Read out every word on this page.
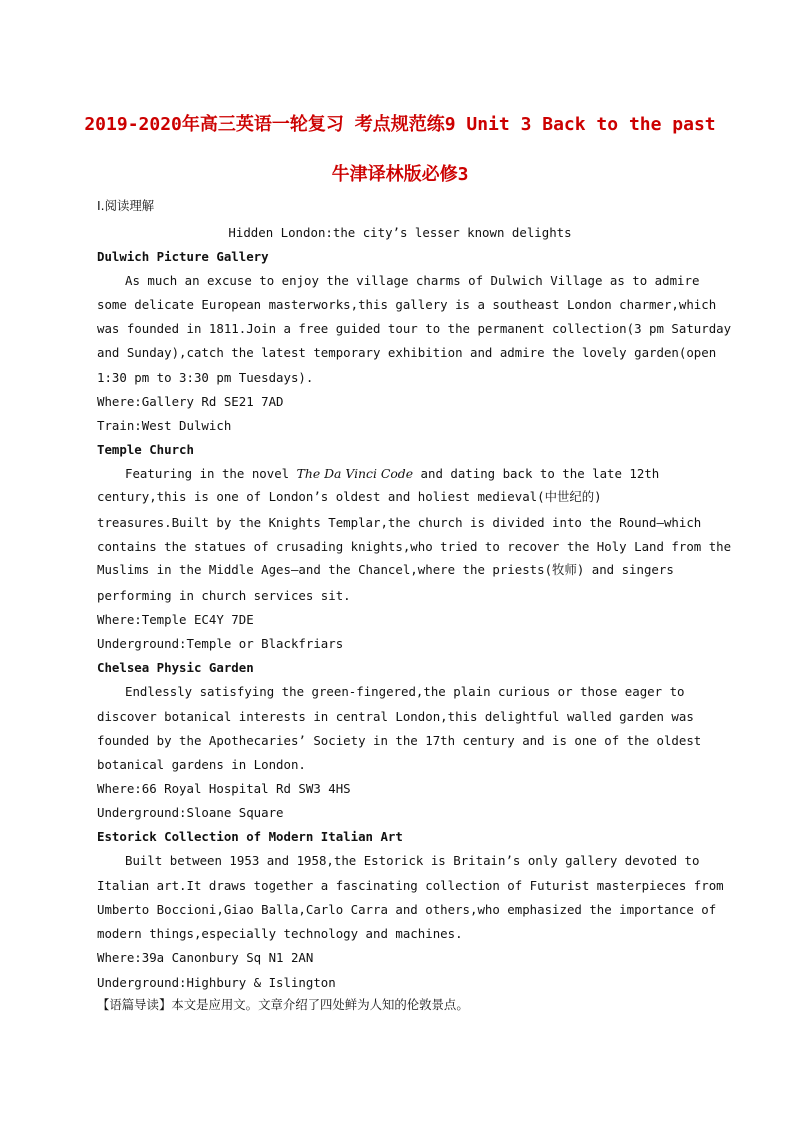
2019-2020年高三英语一轮复习 考点规范练9 Unit 3 Back to the past
牛津译林版必修3
Ⅰ.阅读理解
Hidden London:the city’s lesser known delights
Dulwich Picture Gallery
As much an excuse to enjoy the village charms of Dulwich Village as to admire
some delicate European masterworks,this gallery is a southeast London charmer,which
was founded in 1811.Join a free guided tour to the permanent collection(3 pm Saturday
and Sunday),catch the latest temporary exhibition and admire the lovely garden(open
1:30 pm to 3:30 pm Tuesdays).
Where:Gallery Rd SE21 7AD
Train:West Dulwich
Temple Church
Featuring in the novel The Da Vinci Code and dating back to the late 12th
century,this is one of London’s oldest and holiest medieval(中世纪的)
treasures.Built by the Knights Templar,the church is divided into the Round—which
contains the statues of crusading knights,who tried to recover the Holy Land from the
Muslims in the Middle Ages—and the Chancel,where the priests(牧师) and singers
performing in church services sit.
Where:Temple EC4Y 7DE
Underground:Temple or Blackfriars
Chelsea Physic Garden
Endlessly satisfying the green-fingered,the plain curious or those eager to
discover botanical interests in central London,this delightful walled garden was
founded by the Apothecaries’ Society in the 17th century and is one of the oldest
botanical gardens in London.
Where:66 Royal Hospital Rd SW3 4HS
Underground:Sloane Square
Estorick Collection of Modern Italian Art
Built between 1953 and 1958,the Estorick is Britain’s only gallery devoted to
Italian art.It draws together a fascinating collection of Futurist masterpieces from
Umberto Boccioni,Giao Balla,Carlo Carra and others,who emphasized the importance of
modern things,especially technology and machines.
Where:39a Canonbury Sq N1 2AN
Underground:Highbury & Islington
【语篇导读】本文是应用文。文章介绍了四处鲜为人知的伦敦景点。
